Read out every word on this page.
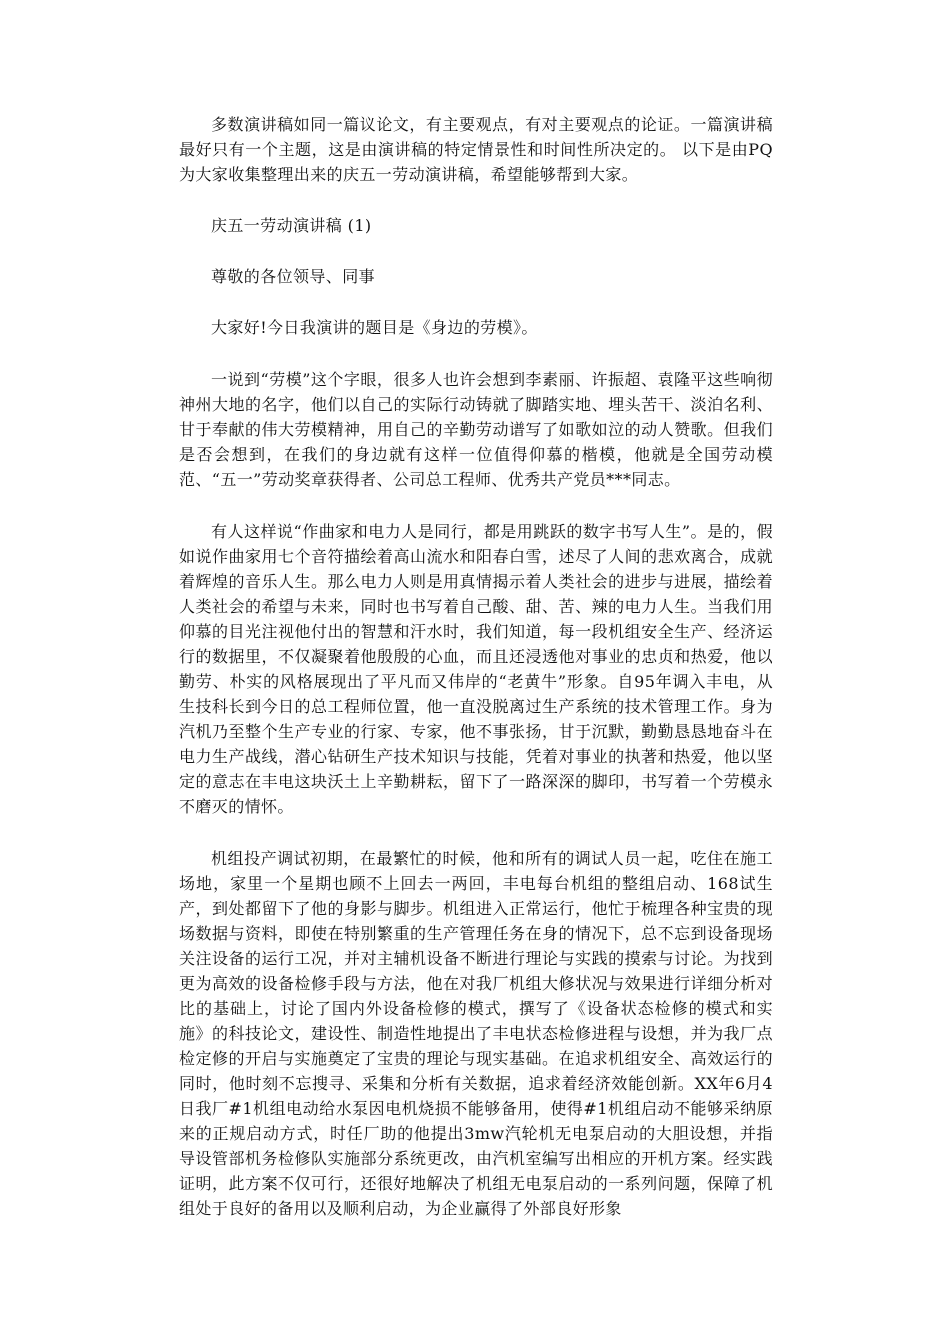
多数演讲稿如同一篇议论文，有主要观点，有对主要观点的论证。一篇演讲稿最好只有一个主题，这是由演讲稿的特定情景性和时间性所决定的。 以下是由PQ为大家收集整理出来的庆五一劳动演讲稿，希望能够帮到大家。

庆五一劳动演讲稿 (1)

尊敬的各位领导、同事

大家好!今日我演讲的题目是《身边的劳模》。

一说到“劳模”这个字眼，很多人也许会想到李素丽、许振超、袁隆平这些响彻神州大地的名字，他们以自己的实际行动铸就了脚踏实地、埋头苦干、淡泊名利、甘于奉献的伟大劳模精神，用自己的辛勤劳动谱写了如歌如泣的动人赞歌。但我们是否会想到，在我们的身边就有这样一位值得仰慕的楷模，他就是全国劳动模范、“五一”劳动奖章获得者、公司总工程师、优秀共产党员***同志。

有人这样说“作曲家和电力人是同行，都是用跳跃的数字书写人生”。是的，假如说作曲家用七个音符描绘着高山流水和阳春白雪，述尽了人间的悲欢离合，成就着辉煌的音乐人生。那么电力人则是用真情揭示着人类社会的进步与进展，描绘着人类社会的希望与未来，同时也书写着自己酸、甜、苦、辣的电力人生。当我们用仰慕的目光注视他付出的智慧和汗水时，我们知道，每一段机组安全生产、经济运行的数据里，不仅凝聚着他殷殷的心血，而且还浸透他对事业的忠贞和热爱，他以勤劳、朴实的风格展现出了平凡而又伟岸的“老黄牛”形象。自95年调入丰电，从生技科长到今日的总工程师位置，他一直没脱离过生产系统的技术管理工作。身为汽机乃至整个生产专业的行家、专家，他不事张扬，甘于沉默，勤勤恳恳地奋斗在电力生产战线，潜心钻研生产技术知识与技能，凭着对事业的执著和热爱，他以坚定的意志在丰电这块沃土上辛勤耕耘，留下了一路深深的脚印，书写着一个劳模永不磨灭的情怀。

机组投产调试初期，在最繁忙的时候，他和所有的调试人员一起，吃住在施工场地，家里一个星期也顾不上回去一两回，丰电每台机组的整组启动、168试生产，到处都留下了他的身影与脚步。机组进入正常运行，他忙于梳理各种宝贵的现场数据与资料，即使在特别繁重的生产管理任务在身的情况下，总不忘到设备现场关注设备的运行工况，并对主辅机设备不断进行理论与实践的摸索与讨论。为找到更为高效的设备检修手段与方法，他在对我厂机组大修状况与效果进行详细分析对比的基础上，讨论了国内外设备检修的模式，撰写了《设备状态检修的模式和实施》的科技论文，建设性、制造性地提出了丰电状态检修进程与设想，并为我厂点检定修的开启与实施奠定了宝贵的理论与现实基础。在追求机组安全、高效运行的同时，他时刻不忘搜寻、采集和分析有关数据，追求着经济效能创新。XX年6月4 日我厂#1机组电动给水泵因电机烧损不能够备用，使得#1机组启动不能够采纳原来的正规启动方式，时任厂助的他提出3mw汽轮机无电泵启动的大胆设想，并指导设管部机务检修队实施部分系统更改，由汽机室编写出相应的开机方案。经实践证明，此方案不仅可行，还很好地解决了机组无电泵启动的一系列问题，保障了机组处于良好的备用以及顺利启动，为企业赢得了外部良好形象
